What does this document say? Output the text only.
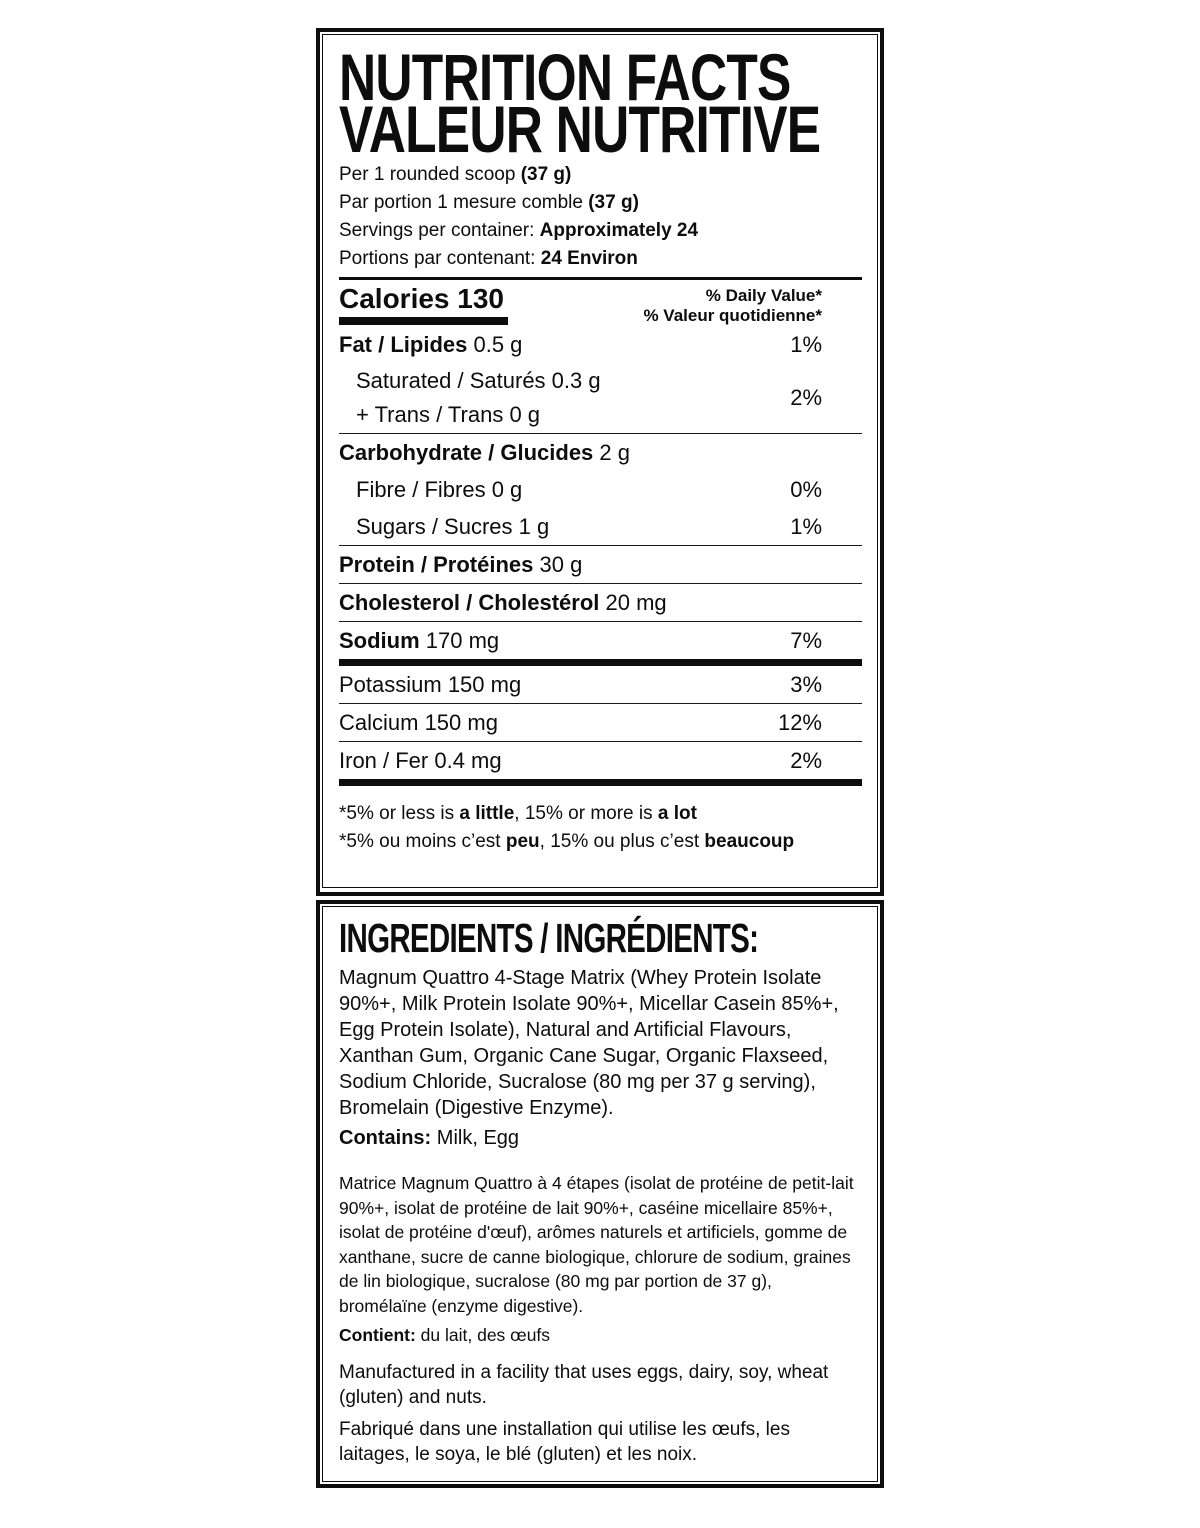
NUTRITION FACTS
VALEUR NUTRITIVE
Per 1 rounded scoop (37 g)
Par portion 1 mesure comble (37 g)
Servings per container: Approximately 24
Portions par contenant: 24 Environ
Calories 130	% Daily Value*
% Valeur quotidienne*
Fat / Lipides 0.5 g	1%
Saturated / Saturés 0.3 g
+ Trans / Trans 0 g
2%
Carbohydrate / Glucides 2 g
Fibre / Fibres 0 g	0%
Sugars / Sucres 1 g	1%
Protein / Protéines 30 g
Cholesterol / Cholestérol 20 mg
Sodium 170 mg	7%
Potassium 150 mg	3%
Calcium 150 mg	12%
Iron / Fer 0.4 mg	2%
*5% or less is a little, 15% or more is a lot
*5% ou moins c’est peu, 15% ou plus c’est beaucoup
INGREDIENTS / INGRÉDIENTS:

Magnum Quattro 4-Stage Matrix (Whey Protein Isolate 90%+, Milk Protein Isolate 90%+, Micellar Casein 85%+, Egg Protein Isolate), Natural and Artificial Flavours, Xanthan Gum, Organic Cane Sugar, Organic Flaxseed, Sodium Chloride, Sucralose (80 mg per 37 g serving), Bromelain (Digestive Enzyme).

Contains: Milk, Egg

Matrice Magnum Quattro à 4 étapes (isolat de protéine de petit-lait 90%+, isolat de protéine de lait 90%+, caséine micellaire 85%+, isolat de protéine d'œuf), arômes naturels et artificiels, gomme de xanthane, sucre de canne biologique, chlorure de sodium, graines de lin biologique, sucralose (80 mg par portion de 37 g), bromélaïne (enzyme digestive).

Contient: du lait, des œufs

Manufactured in a facility that uses eggs, dairy, soy, wheat (gluten) and nuts.

Fabriqué dans une installation qui utilise les œufs, les laitages, le soya, le blé (gluten) et les noix.
